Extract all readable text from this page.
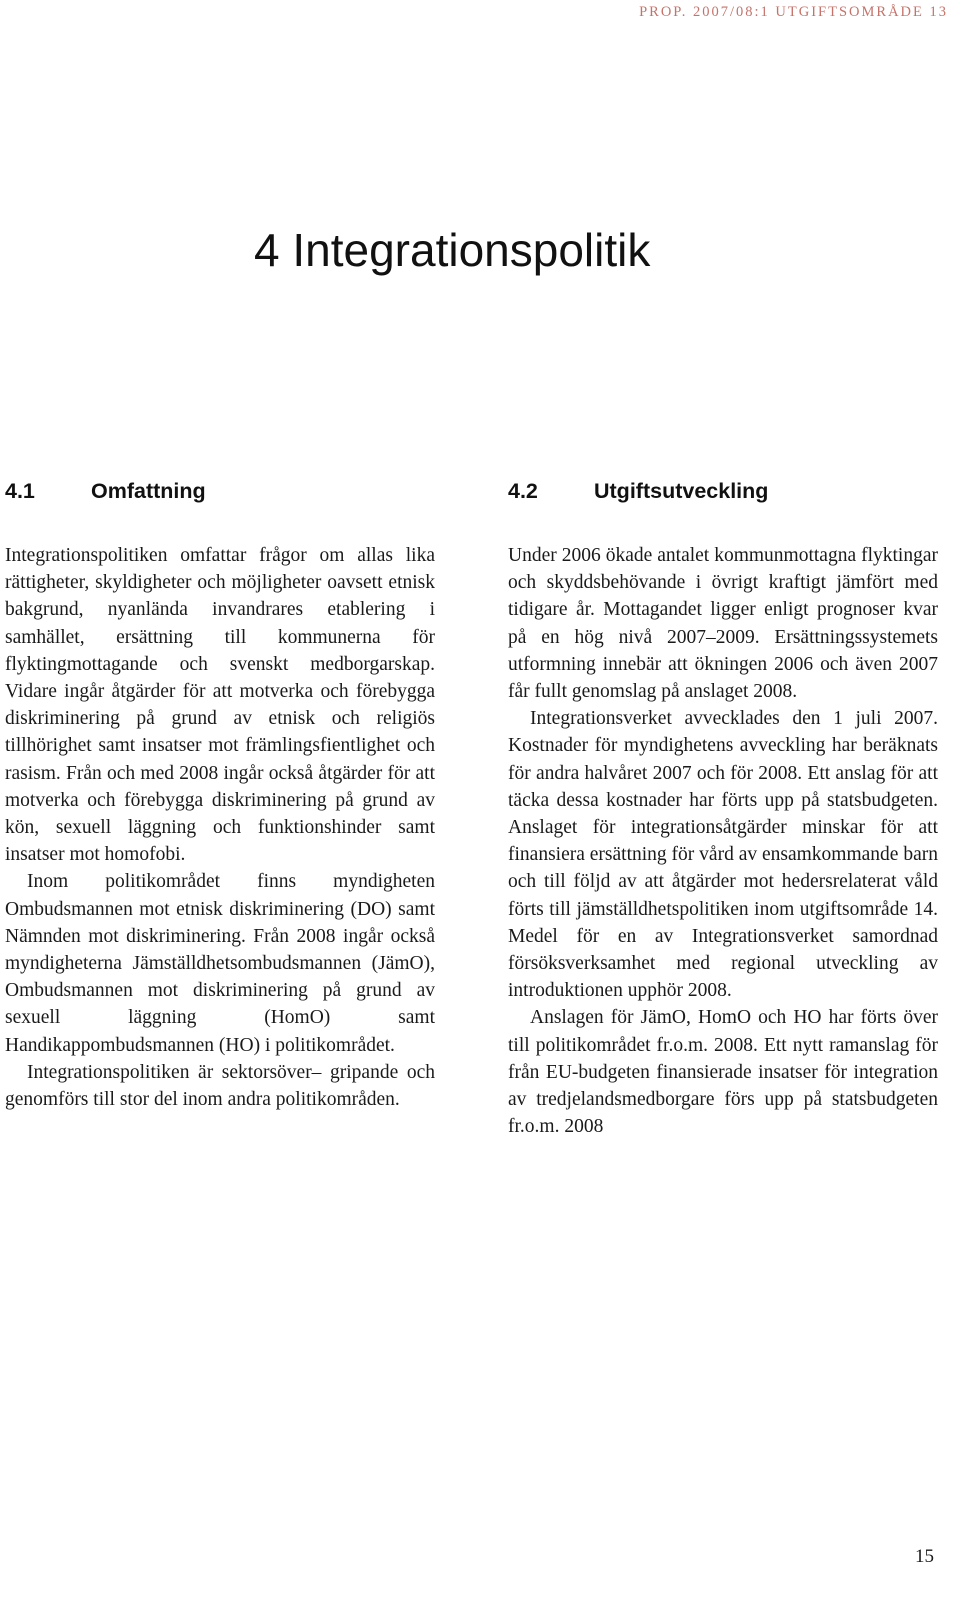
PROP. 2007/08:1 UTGIFTSOMRÅDE 13
4 Integrationspolitik
4.1	Omfattning

Integrationspolitiken omfattar frågor om allas lika rättigheter, skyldigheter och möjligheter oavsett etnisk bakgrund, nyanlända invandrares etablering i samhället, ersättning till kommunerna för flyktingmottagande och svenskt medborgarskap. Vidare ingår åtgärder för att motverka och förebygga diskriminering på grund av etnisk och religiös tillhörighet samt insatser mot främlingsfientlighet och rasism. Från och med 2008 ingår också åtgärder för att motverka och förebygga diskriminering på grund av kön, sexuell läggning och funktionshinder samt insatser mot homofobi.

Inom politikområdet finns myndigheten Ombudsmannen mot etnisk diskriminering (DO) samt Nämnden mot diskriminering. Från 2008 ingår också myndigheterna Jämställdhetsombudsmannen (JämO), Ombudsmannen mot diskriminering på grund av sexuell läggning (HomO) samt Handikappombudsmannen (HO) i politikområdet.

Integrationspolitiken är sektorsöver– gripande och genomförs till stor del inom andra politikområden.

4.2	Utgiftsutveckling

Under 2006 ökade antalet kommunmottagna flyktingar och skyddsbehövande i övrigt kraftigt jämfört med tidigare år. Mottagandet ligger enligt prognoser kvar på en hög nivå 2007–2009. Ersättningssystemets utformning innebär att ökningen 2006 och även 2007 får fullt genomslag på anslaget 2008.

Integrationsverket avvecklades den 1 juli 2007. Kostnader för myndighetens avveckling har beräknats för andra halvåret 2007 och för 2008. Ett anslag för att täcka dessa kostnader har förts upp på statsbudgeten. Anslaget för integrationsåtgärder minskar för att finansiera ersättning för vård av ensamkommande barn och till följd av att åtgärder mot hedersrelaterat våld förts till jämställdhetspolitiken inom utgiftsområde 14. Medel för en av Integrationsverket samordnad försöksverksamhet med regional utveckling av introduktionen upphör 2008.

Anslagen för JämO, HomO och HO har förts över till politikområdet fr.o.m. 2008. Ett nytt ramanslag för från EU-budgeten finansierade insatser för integration av tredjelandsmedborgare förs upp på statsbudgeten fr.o.m. 2008

15
